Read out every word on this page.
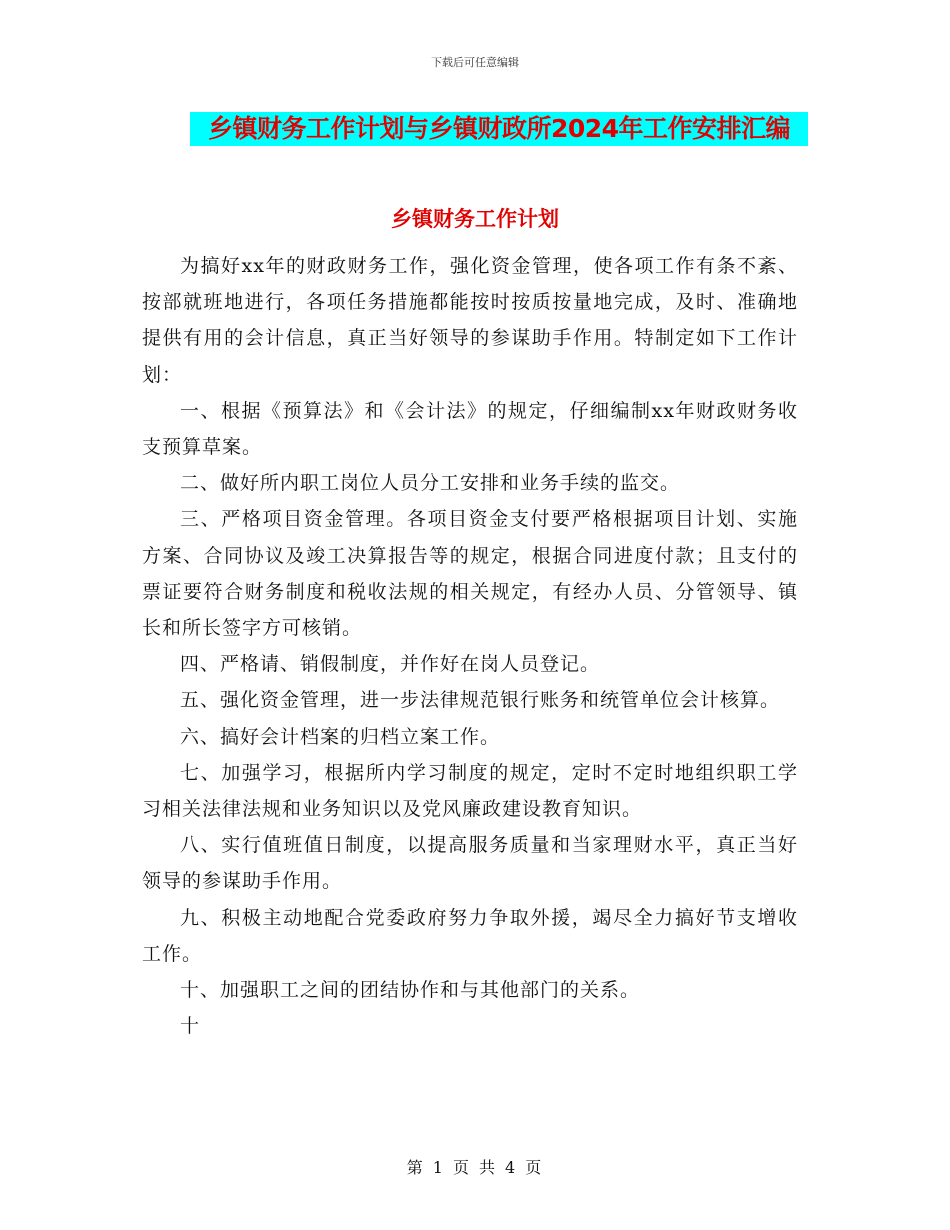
下载后可任意编辑
乡镇财务工作计划与乡镇财政所2024年工作安排汇编
乡镇财务工作计划

为搞好xx年的财政财务工作，强化资金管理，使各项工作有条不紊、按部就班地进行，各项任务措施都能按时按质按量地完成，及时、准确地提供有用的会计信息，真正当好领导的参谋助手作用。特制定如下工作计划：

一、根据《预算法》和《会计法》的规定，仔细编制xx年财政财务收支预算草案。

二、做好所内职工岗位人员分工安排和业务手续的监交。

三、严格项目资金管理。各项目资金支付要严格根据项目计划、实施方案、合同协议及竣工决算报告等的规定，根据合同进度付款；且支付的票证要符合财务制度和税收法规的相关规定，有经办人员、分管领导、镇长和所长签字方可核销。

四、严格请、销假制度，并作好在岗人员登记。

五、强化资金管理，进一步法律规范银行账务和统管单位会计核算。

六、搞好会计档案的归档立案工作。

七、加强学习，根据所内学习制度的规定，定时不定时地组织职工学习相关法律法规和业务知识以及党风廉政建设教育知识。

八、实行值班值日制度，以提高服务质量和当家理财水平，真正当好领导的参谋助手作用。

九、积极主动地配合党委政府努力争取外援，竭尽全力搞好节支增收工作。

十、加强职工之间的团结协作和与其他部门的关系。

十

第 1 页 共 4 页
